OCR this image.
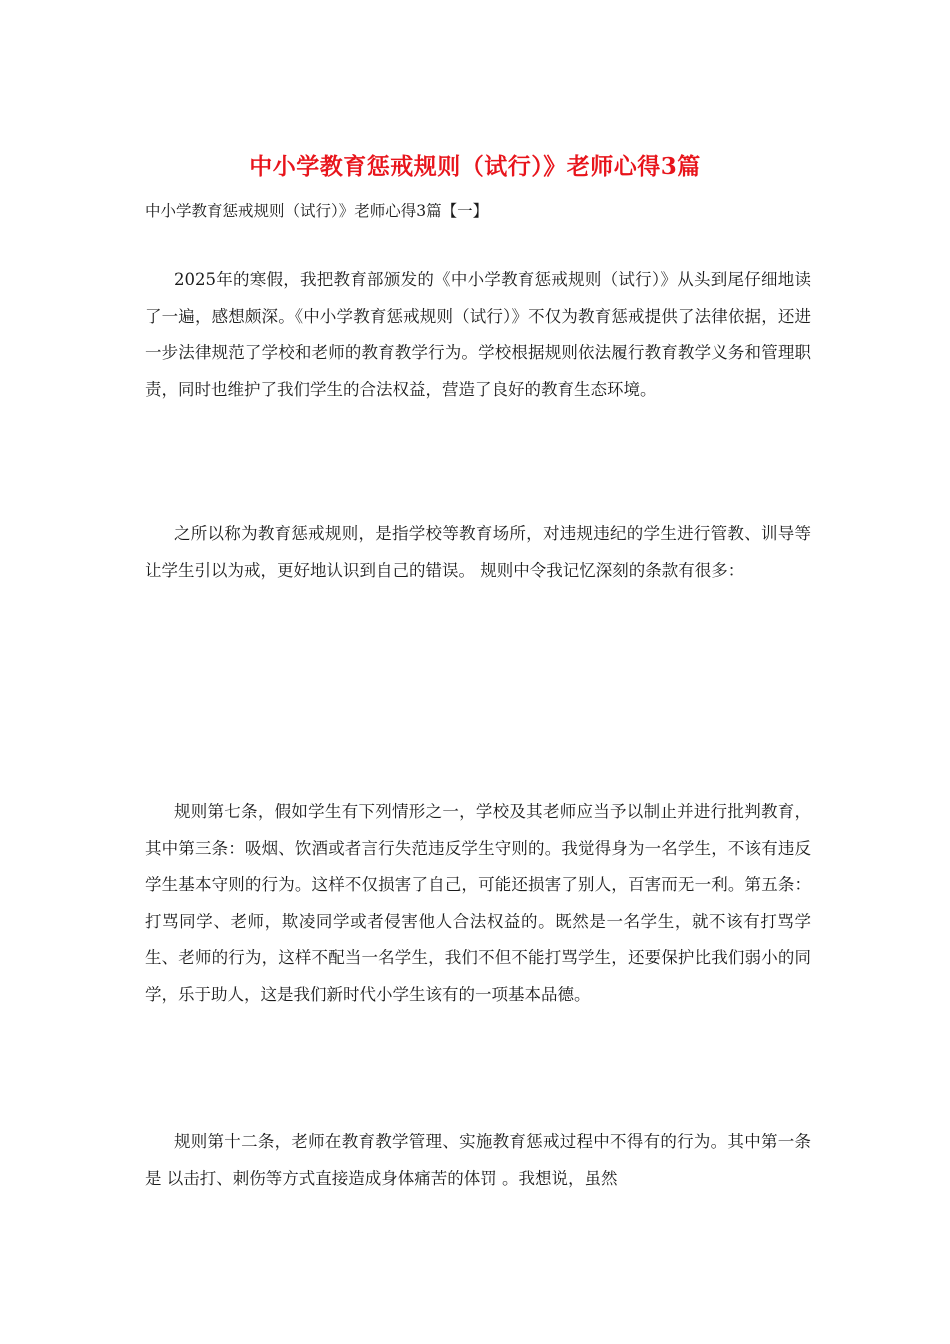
中小学教育惩戒规则（试行）》老师心得3篇

中小学教育惩戒规则（试行）》老师心得3篇【一】

2025年的寒假，我把教育部颁发的《中小学教育惩戒规则（试行）》从头到尾仔细地读了一遍，感想颇深。《中小学教育惩戒规则（试行）》不仅为教育惩戒提供了法律依据，还进一步法律规范了学校和老师的教育教学行为。学校根据规则依法履行教育教学义务和管理职责，同时也维护了我们学生的合法权益，营造了良好的教育生态环境。

之所以称为教育惩戒规则，是指学校等教育场所，对违规违纪的学生进行管教、训导等让学生引以为戒，更好地认识到自己的错误。 规则中令我记忆深刻的条款有很多：

规则第七条，假如学生有下列情形之一，学校及其老师应当予以制止并进行批判教育，其中第三条：吸烟、饮酒或者言行失范违反学生守则的。我觉得身为一名学生，不该有违反学生基本守则的行为。这样不仅损害了自己，可能还损害了别人，百害而无一利。第五条：打骂同学、老师，欺凌同学或者侵害他人合法权益的。既然是一名学生，就不该有打骂学生、老师的行为，这样不配当一名学生，我们不但不能打骂学生，还要保护比我们弱小的同学，乐于助人，这是我们新时代小学生该有的一项基本品德。

规则第十二条，老师在教育教学管理、实施教育惩戒过程中不得有的行为。其中第一条是 以击打、刺伤等方式直接造成身体痛苦的体罚 。我想说，虽然
